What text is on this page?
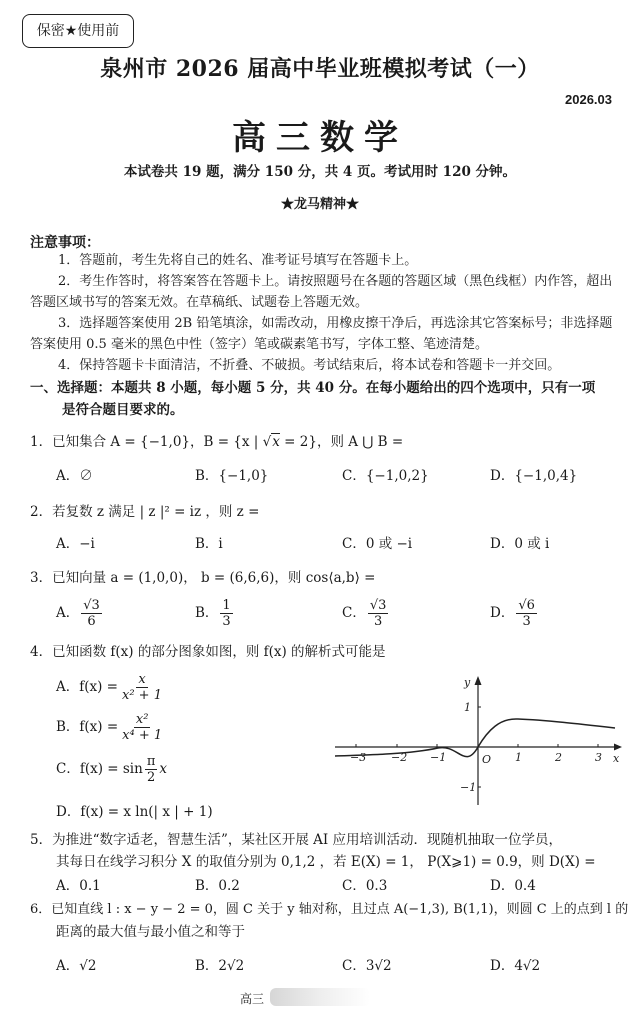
保密★使用前
泉州市 2026 届高中毕业班模拟考试（一）
2026.03
高三数学
本试卷共 19 题，满分 150 分，共 4 页。考试用时 120 分钟。
★龙马精神★
注意事项：
1．答题前，考生先将自己的姓名、准考证号填写在答题卡上。
2．考生作答时，将答案答在答题卡上。请按照题号在各题的答题区域（黑色线框）内作答，超出答题区域书写的答案无效。在草稿纸、试题卷上答题无效。
3．选择题答案使用 2B 铅笔填涂，如需改动，用橡皮擦干净后，再选涂其它答案标号；非选择题答案使用 0.5 毫米的黑色中性（签字）笔或碳素笔书写，字体工整、笔迹清楚。
4．保持答题卡卡面清洁，不折叠、不破损。考试结束后，将本试卷和答题卡一并交回。
一、选择题：本题共 8 小题，每小题 5 分，共 40 分。在每小题给出的四个选项中，只有一项
是符合题目要求的。
1．已知集合 A = {−1,0}，B = {x | √x = 2}，则 A ⋃ B =
A．∅	B．{−1,0}	C．{−1,0,2}	D．{−1,0,4}
2．若复数 z 满足 | z |² = iz ，则 z =
A．−i	B．i	C．0 或 −i	D．0 或 i
3．已知向量 a = (1,0,0)， b = (6,6,6)，则 cos⟨a,b⟩ =
A． $\frac{√3}{6}$	B． $\frac{1}{3}$	C． $\frac{√3}{3}$	D． $\frac{√6}{3}$
4．已知函数 f(x) 的部分图象如图，则 f(x) 的解析式可能是
A．$f(x) = \frac{x}{\text{x² + 1}}$
B．$f(x) = \frac{\text{x²}}{\text{x⁴ + 1}}$
C．$f(x) = \sin \frac{\pi}{2}$ x
D．f(x) = x ln(| x | + 1)
−3 −2 −1	1	2	3
1
−1
x
y
O
5．为推进“数字适老，智慧生活”，某社区开展 AI 应用培训活动．现随机抽取一位学员，
其每日在线学习积分 X 的取值分别为 0,1,2 ，若 E(X) = 1， P(X⩾1) = 0.9，则 D(X) =
A．0.1	B．0.2	C．0.3	D．0.4
6．已知直线 l : x − y − 2 = 0，圆 C 关于 y 轴对称，且过点 A(−1,3), B(1,1)，则圆 C 上的点到 l 的
距离的最大值与最小值之和等于
A．√2	B．2√2	C．3√2	D．4√2
高三
